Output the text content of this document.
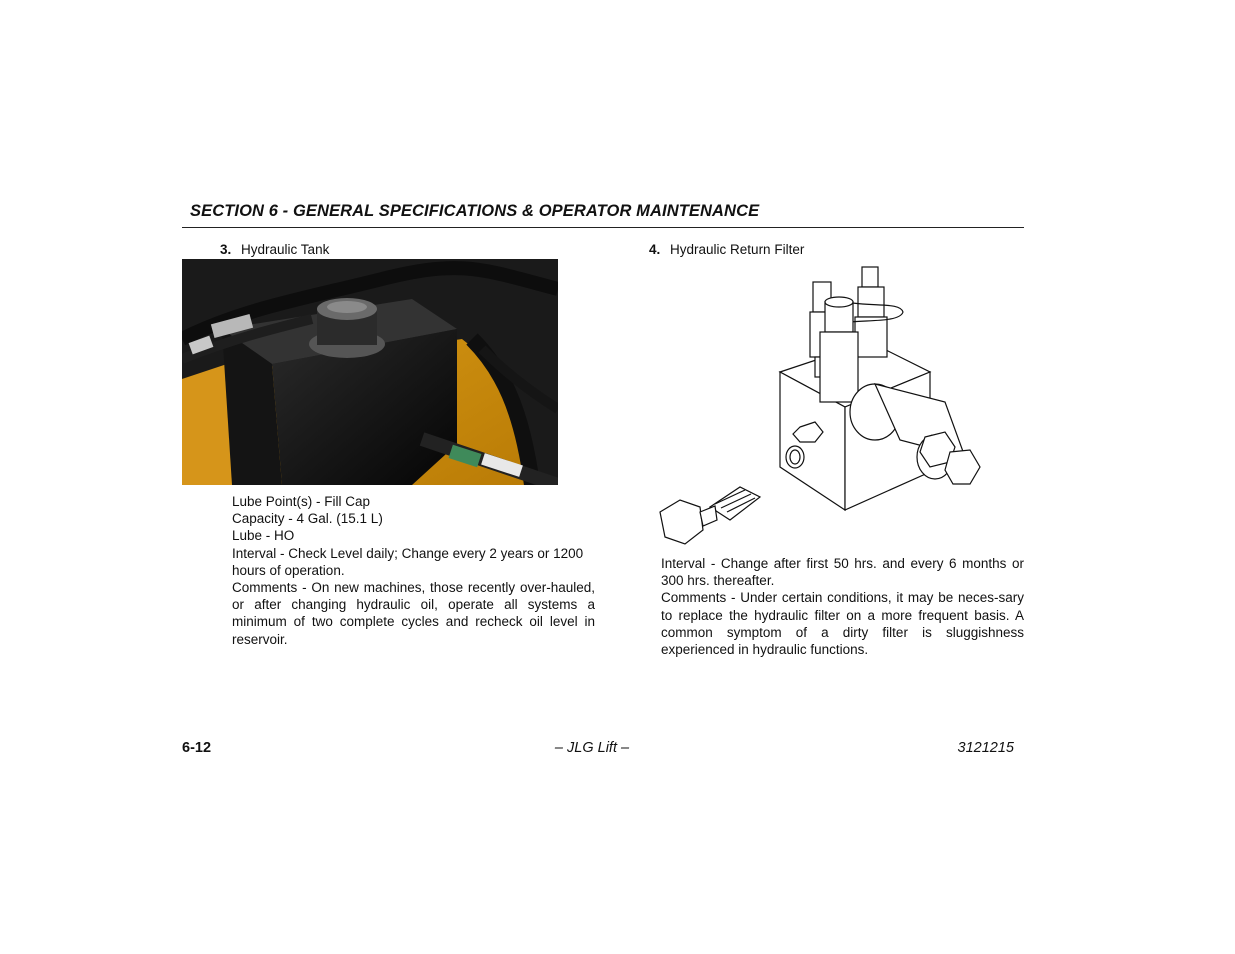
SECTION 6 - GENERAL SPECIFICATIONS & OPERATOR MAINTENANCE
3. Hydraulic Tank

Lube Point(s) - Fill Cap

Capacity - 4 Gal. (15.1 L)

Lube - HO

Interval - Check Level daily; Change every 2 years or 1200 hours of operation.

Comments - On new machines, those recently over-hauled, or after changing hydraulic oil, operate all systems a minimum of two complete cycles and recheck oil level in reservoir.

4. Hydraulic Return Filter

Interval - Change after first 50 hrs. and every 6 months or 300 hrs. thereafter.

Comments - Under certain conditions, it may be neces-sary to replace the hydraulic filter on a more frequent basis. A common symptom of a dirty filter is sluggishness experienced in hydraulic functions.

6-12	– JLG Lift –	3121215
